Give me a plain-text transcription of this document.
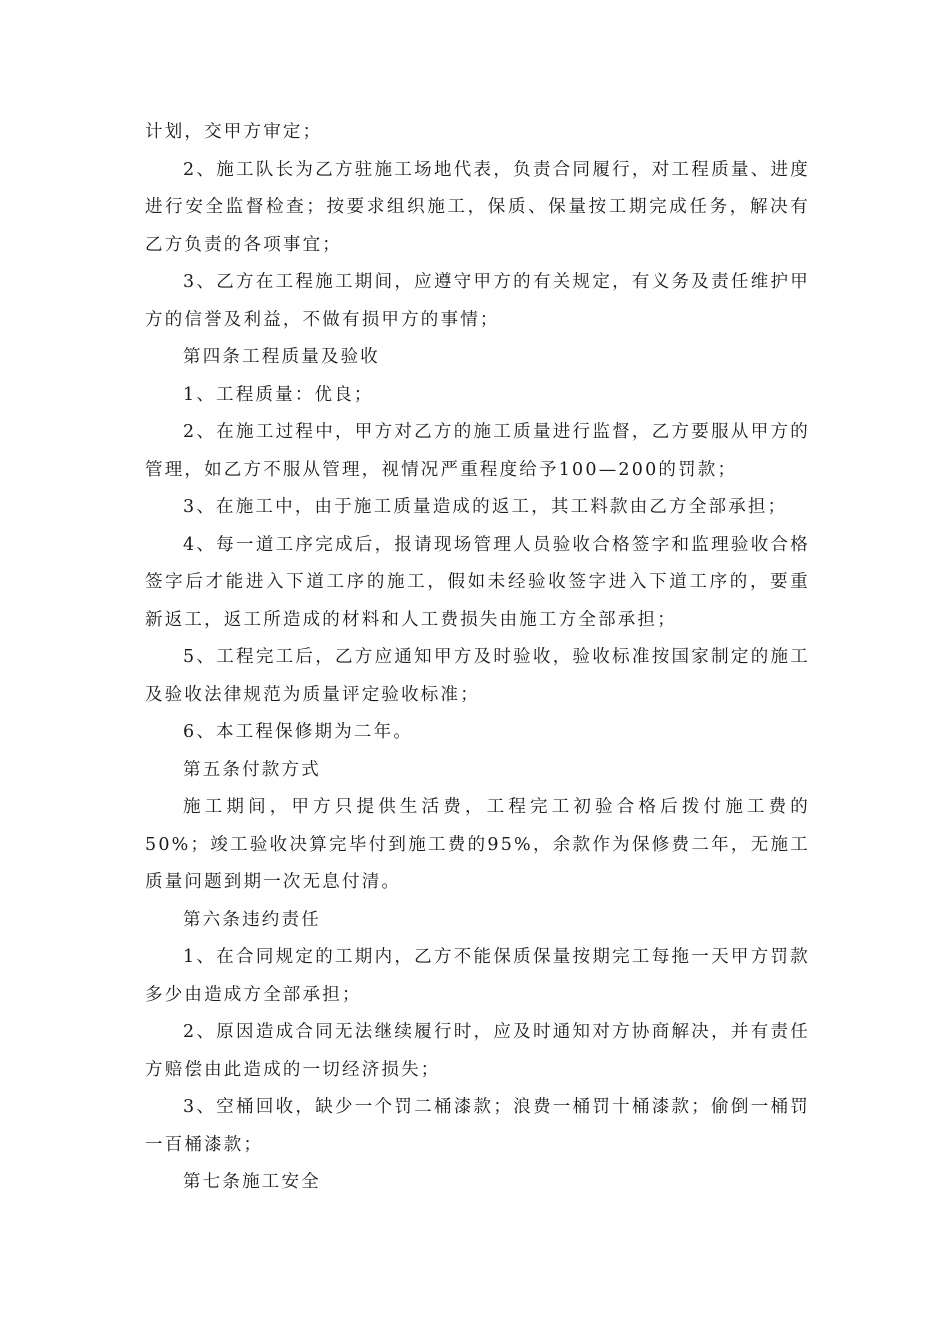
计划，交甲方审定；

2、施工队长为乙方驻施工场地代表，负责合同履行，对工程质量、进度进行安全监督检查；按要求组织施工，保质、保量按工期完成任务，解决有乙方负责的各项事宜；

3、乙方在工程施工期间，应遵守甲方的有关规定，有义务及责任维护甲方的信誉及利益，不做有损甲方的事情；

第四条工程质量及验收

1、工程质量：优良；

2、在施工过程中，甲方对乙方的施工质量进行监督，乙方要服从甲方的管理，如乙方不服从管理，视情况严重程度给予100—200的罚款；

3、在施工中，由于施工质量造成的返工，其工料款由乙方全部承担；

4、每一道工序完成后，报请现场管理人员验收合格签字和监理验收合格签字后才能进入下道工序的施工，假如未经验收签字进入下道工序的，要重新返工，返工所造成的材料和人工费损失由施工方全部承担；

5、工程完工后，乙方应通知甲方及时验收，验收标准按国家制定的施工及验收法律规范为质量评定验收标准；

6、本工程保修期为二年。

第五条付款方式

施工期间，甲方只提供生活费，工程完工初验合格后拨付施工费的50%；竣工验收决算完毕付到施工费的95%，余款作为保修费二年，无施工质量问题到期一次无息付清。

第六条违约责任

1、在合同规定的工期内，乙方不能保质保量按期完工每拖一天甲方罚款多少由造成方全部承担；

2、原因造成合同无法继续履行时，应及时通知对方协商解决，并有责任方赔偿由此造成的一切经济损失；

3、空桶回收，缺少一个罚二桶漆款；浪费一桶罚十桶漆款；偷倒一桶罚一百桶漆款；

第七条施工安全
